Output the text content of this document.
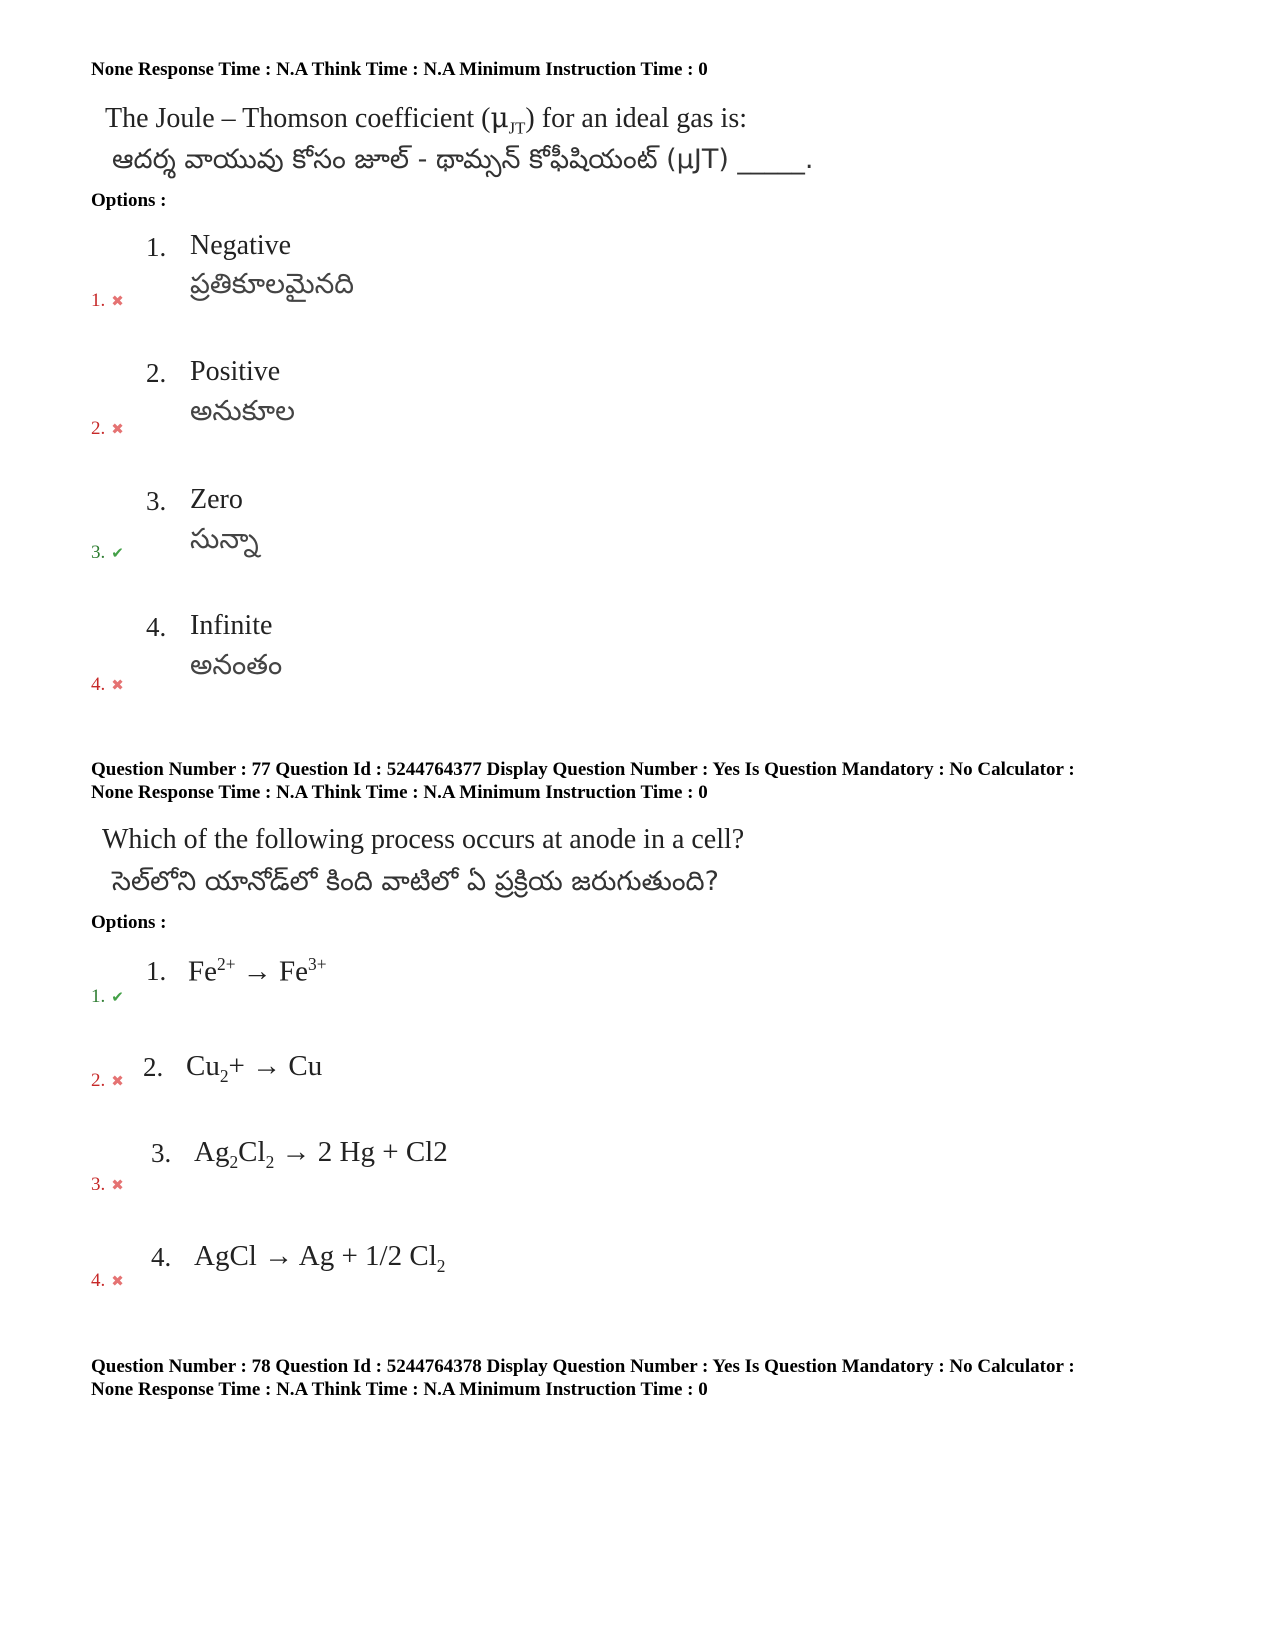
None Response Time : N.A Think Time : N.A Minimum Instruction Time : 0
The Joule – Thomson coefficient $(\mu_{JT})$ for an ideal gas is:
ఆదర్శ వాయువు కోసం జూల్ - థామ్సన్ కోఫీషియంట్ (μJT) _____.
Options :
1. Negative
ప్రతికూలమైనది
1. ✖
2. Positive
అనుకూల
2. ✖
3. Zero
సున్నా
3. ✔
4. Infinite
అనంతం
4. ✖
Question Number : 77 Question Id : 5244764377 Display Question Number : Yes Is Question Mandatory : No Calculator :
None Response Time : N.A Think Time : N.A Minimum Instruction Time : 0
Which of the following process occurs at anode in a cell?
సెల్‌లోని యానోడ్‌లో కింది వాటిలో ఏ ప్రక్రియ జరుగుతుంది?
Options :
1. $Fe^{2+} \to Fe^{3+}$
1. ✔
2. $Cu_2+ \to Cu$
2. ✖
3. $Ag_2Cl_2 \to 2$ Hg + Cl2
3. ✖
4. AgCl → Ag + 1/2 $Cl_2$
4. ✖
Question Number : 78 Question Id : 5244764378 Display Question Number : Yes Is Question Mandatory : No Calculator :
None Response Time : N.A Think Time : N.A Minimum Instruction Time : 0
